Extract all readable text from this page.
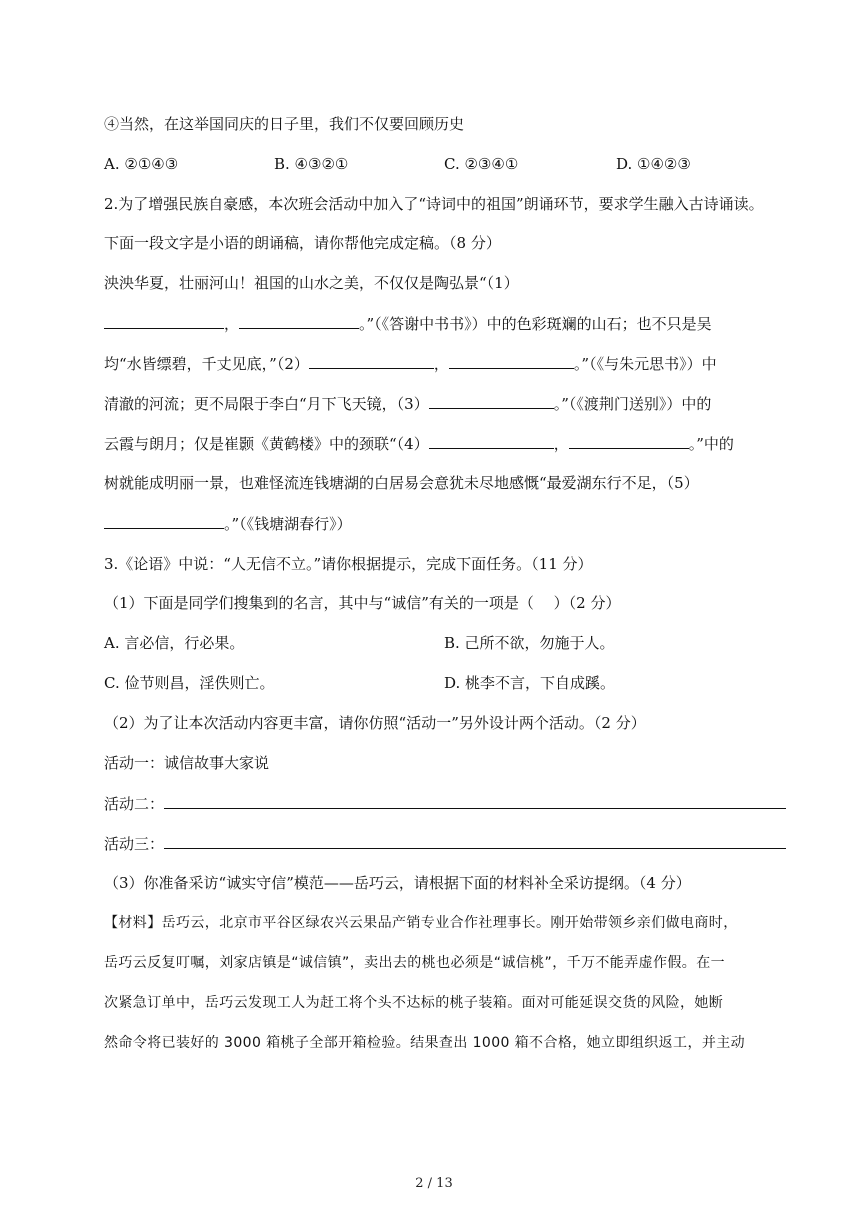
④当然，在这举国同庆的日子里，我们不仅要回顾历史
A. ②①④③	B. ④③②①	C. ②③④①	D. ①④②③
2.为了增强民族自豪感，本次班会活动中加入了“诗词中的祖国”朗诵环节，要求学生融入古诗诵读。
下面一段文字是小语的朗诵稿，请你帮他完成定稿。（8 分）
泱泱华夏，壮丽河山！祖国的山水之美，不仅仅是陶弘景“（1）
，	。”（《答谢中书书》）中的色彩斑斓的山石；也不只是吴
均“水皆缥碧，千丈见底，”（2）	，	。”（《与朱元思书》）中
清澈的河流；更不局限于李白“月下飞天镜，（3）	。”（《渡荆门送别》）中的
云霞与朗月；仅是崔颢《黄鹤楼》中的颈联“（4）	，	。”中的
树就能成明丽一景，也难怪流连钱塘湖的白居易会意犹未尽地感慨“最爱湖东行不足，（5）
。”（《钱塘湖春行》）
3.《论语》中说：“人无信不立。”请你根据提示，完成下面任务。（11 分）
（1）下面是同学们搜集到的名言，其中与“诚信”有关的一项是（　 ）（2 分）
A. 言必信，行必果。	B. 己所不欲，勿施于人。
C. 俭节则昌，淫佚则亡。	D. 桃李不言，下自成蹊。
（2）为了让本次活动内容更丰富，请你仿照“活动一”另外设计两个活动。（2 分）
活动一：诚信故事大家说
活动二：
活动三：
（3）你准备采访“诚实守信”模范——岳巧云，请根据下面的材料补全采访提纲。（4 分）
【材料】岳巧云，北京市平谷区绿农兴云果品产销专业合作社理事长。刚开始带领乡亲们做电商时，
岳巧云反复叮嘱，刘家店镇是“诚信镇”，卖出去的桃也必须是“诚信桃”，千万不能弄虚作假。在一
次紧急订单中，岳巧云发现工人为赶工将个头不达标的桃子装箱。面对可能延误交货的风险，她断
然命令将已装好的 3000 箱桃子全部开箱检验。结果查出 1000 箱不合格，她立即组织返工，并主动
2 / 13
